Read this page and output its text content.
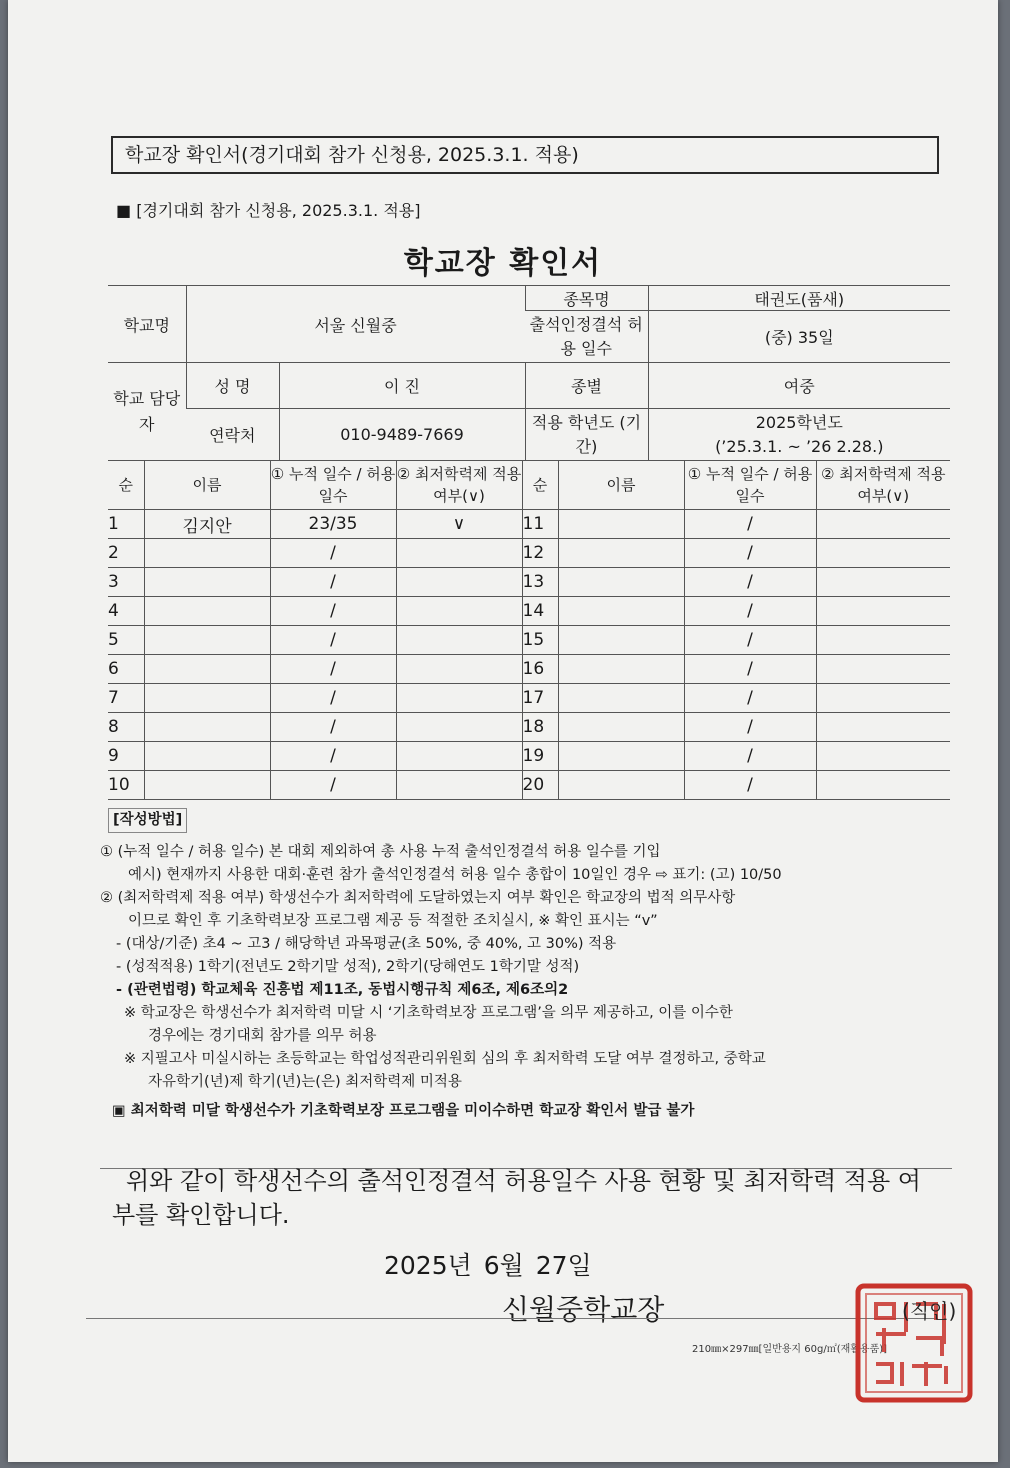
학교장 확인서(경기대회 참가 신청용, 2025.3.1. 적용)
■ [경기대회 참가 신청용, 2025.3.1. 적용]
학교장 확인서
학교명	서울 신월중		종목명	태권도(품새)
			출석인정결석 허용 일수	(중) 35일
학교 담당자	성 명	이 진	종별	여중
	연락처	010-9489-7669	적용 학년도 (기간)	2025학년도
(’25.3.1. ~ ’26 2.28.)
순	이름	① 누적 일수 / 허용 일수	② 최저학력제 적용 여부(∨)	순	이름	① 누적 일수 / 허용 일수	② 최저학력제 적용 여부(∨)
1	김지안	23/35	∨	11		/	
2		/		12		/	
3		/		13		/	
4		/		14		/	
5		/		15		/	
6		/		16		/	
7		/		17		/	
8		/		18		/	
9		/		19		/	
10		/		20		/	
[작성방법]

① (누적 일수 / 허용 일수) 본 대회 제외하여 총 사용 누적 출석인정결석 허용 일수를 기입

예시) 현재까지 사용한 대회·훈련 참가 출석인정결석 허용 일수 총합이 10일인 경우 ⇨ 표기: (고) 10/50

② (최저학력제 적용 여부) 학생선수가 최저학력에 도달하였는지 여부 확인은 학교장의 법적 의무사항

이므로 확인 후 기초학력보장 프로그램 제공 등 적절한 조치실시, ※ 확인 표시는 “v”

- (대상/기준) 초4 ~ 고3 / 해당학년 과목평균(초 50%, 중 40%, 고 30%) 적용

- (성적적용) 1학기(전년도 2학기말 성적), 2학기(당해연도 1학기말 성적)

- (관련법령) 학교체육 진흥법 제11조, 동법시행규칙 제6조, 제6조의2

※ 학교장은 학생선수가 최저학력 미달 시 ‘기초학력보장 프로그램’을 의무 제공하고, 이를 이수한

경우에는 경기대회 참가를 의무 허용

※ 지필고사 미실시하는 초등학교는 학업성적관리위원회 심의 후 최저학력 도달 여부 결정하고, 중학교

자유학기(년)제 학기(년)는(은) 최저학력제 미적용

▣ 최저학력 미달 학생선수가 기초학력보장 프로그램을 미이수하면 학교장 확인서 발급 불가

위와 같이 학생선수의 출석인정결석 허용일수 사용 현황 및 최저학력 적용 여부를 확인합니다.
2025년 6월 27일
신월중학교장
210㎜×297㎜[일반용지 60g/㎡(재활용품)]
(직인)
